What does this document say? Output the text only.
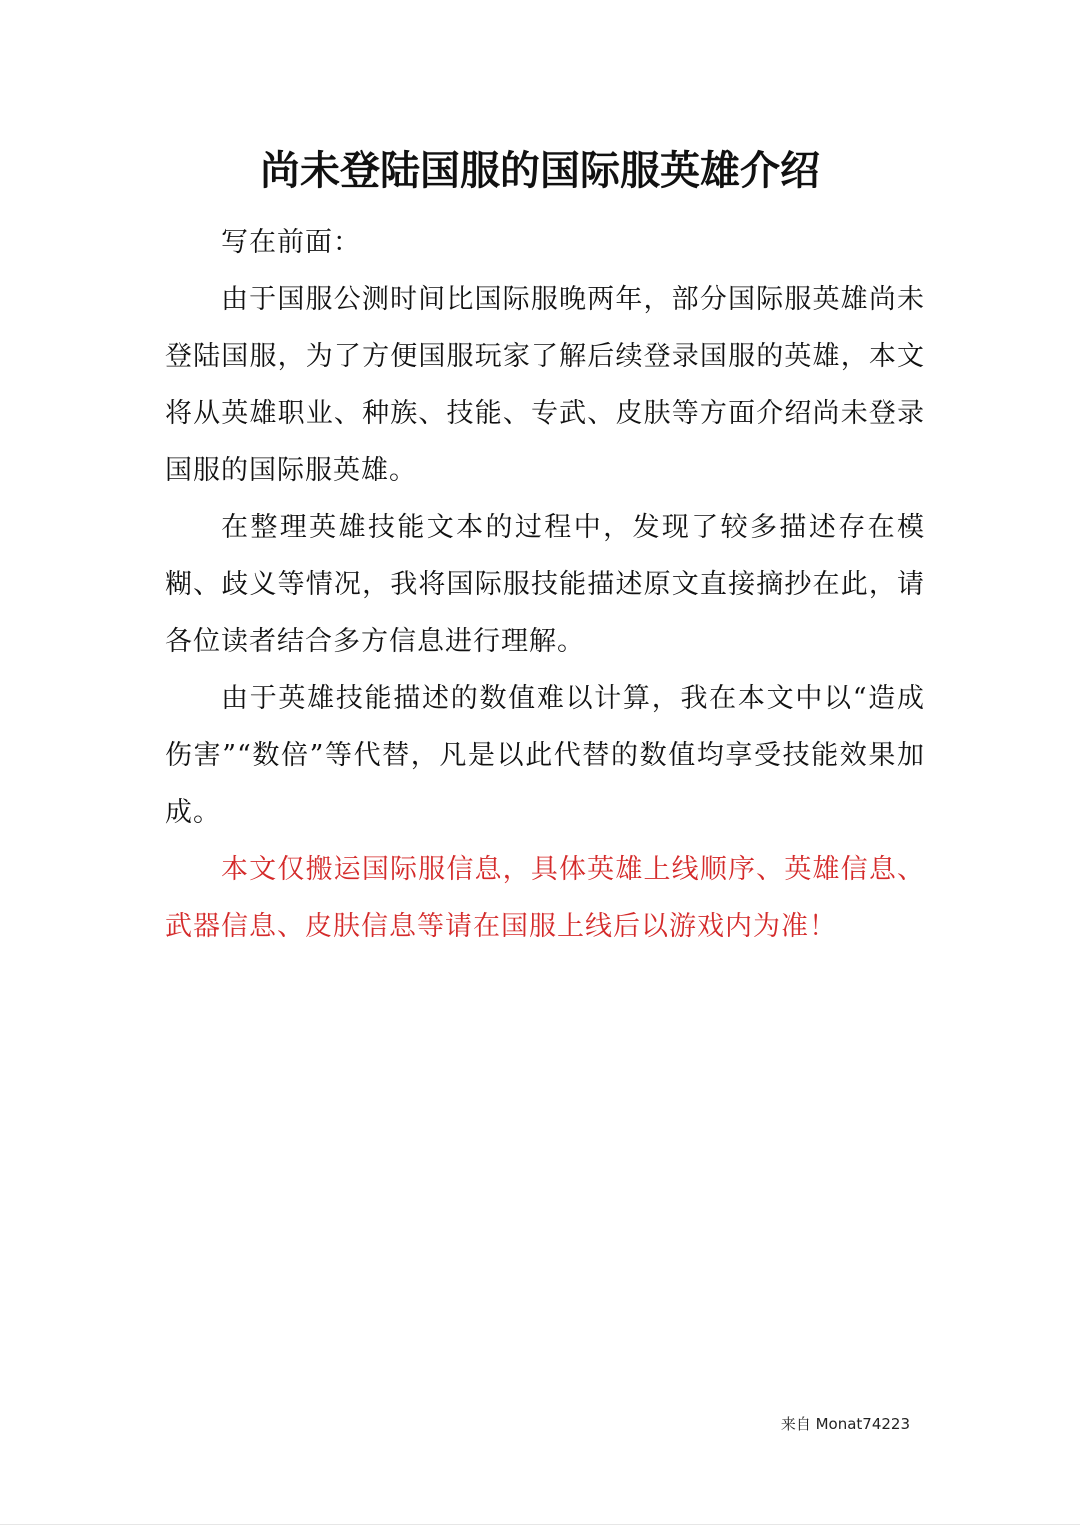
尚未登陆国服的国际服英雄介绍

写在前面：

由于国服公测时间比国际服晚两年，部分国际服英雄尚未登陆国服，为了方便国服玩家了解后续登录国服的英雄，本文将从英雄职业、种族、技能、专武、皮肤等方面介绍尚未登录国服的国际服英雄。

在整理英雄技能文本的过程中，发现了较多描述存在模糊、歧义等情况，我将国际服技能描述原文直接摘抄在此，请各位读者结合多方信息进行理解。

由于英雄技能描述的数值难以计算，我在本文中以“造成伤害”“数倍”等代替，凡是以此代替的数值均享受技能效果加成。

本文仅搬运国际服信息，具体英雄上线顺序、英雄信息、武器信息、皮肤信息等请在国服上线后以游戏内为准！

来自 Monat74223
